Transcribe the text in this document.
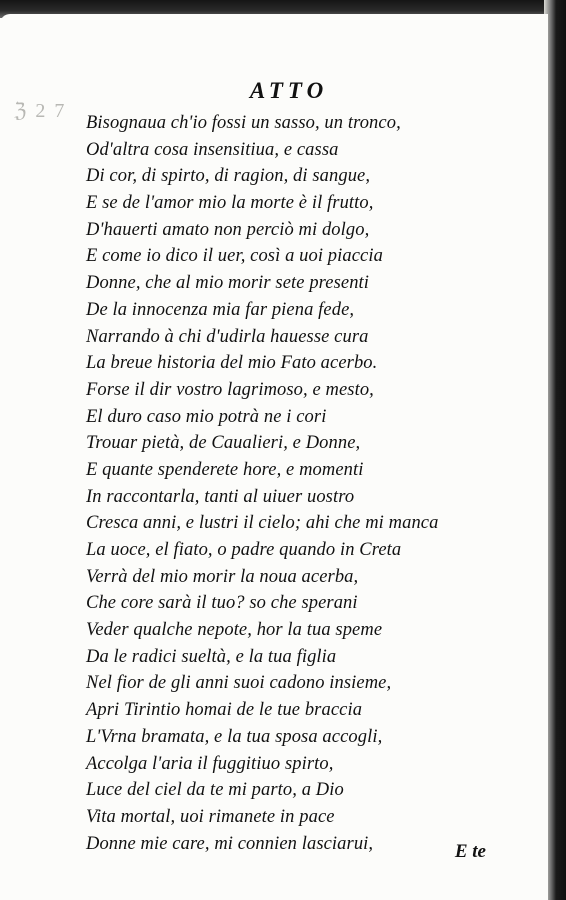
ℨ 2 7
ATTO
Bisognaua ch'io fossi un sasso, un tronco,
Od'altra cosa insensitiua, e cassa
Di cor, di spirto, di ragion, di sangue,
E se de l'amor mio la morte è il frutto,
D'hauerti amato non perciò mi dolgo,
E come io dico il uer, così a uoi piaccia
Donne, che al mio morir sete presenti
De la innocenza mia far piena fede,
Narrando à chi d'udirla hauesse cura
La breue historia del mio Fato acerbo.
Forse il dir vostro lagrimoso, e mesto,
El duro caso mio potrà ne i cori
Trouar pietà, de Caualieri, e Donne,
E quante spenderete hore, e momenti
In raccontarla, tanti al uiuer uostro
Cresca anni, e lustri il cielo; ahi che mi manca
La uoce, el fiato, o padre quando in Creta
Verrà del mio morir la noua acerba,
Che core sarà il tuo? so che sperani
Veder qualche nepote, hor la tua speme
Da le radici sueltà, e la tua figlia
Nel fior de gli anni suoi cadono insieme,
Apri Tirintio homai de le tue braccia
L'Vrna bramata, e la tua sposa accogli,
Accolga l'aria il fuggitiuo spirto,
Luce del ciel da te mi parto, a Dio
Vita mortal, uoi rimanete in pace
Donne mie care, mi connien lasciarui,	E te
